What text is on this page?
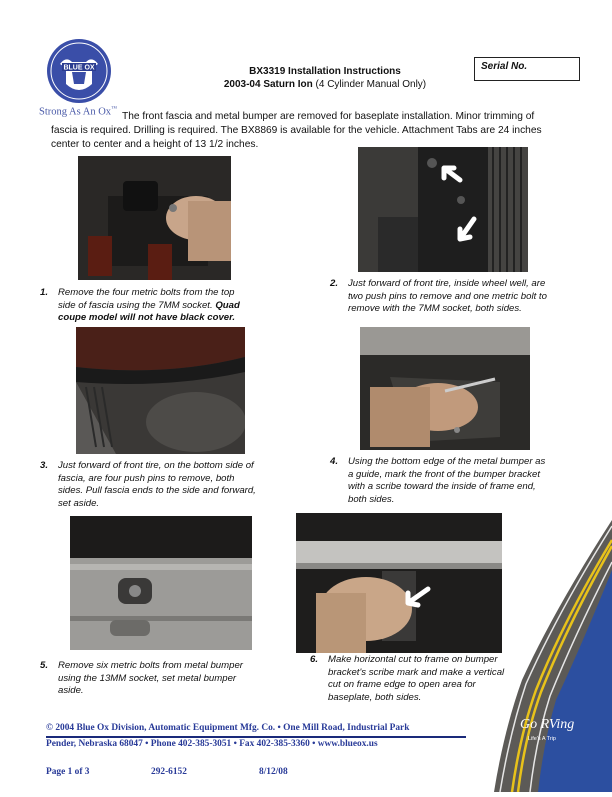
BLUE OX
Strong As An Ox™
BX3319 Installation Instructions
2003-04 Saturn Ion (4 Cylinder Manual Only)
Serial No.
The front fascia and metal bumper are removed for baseplate installation. Minor trimming of fascia is required. Drilling is required. The BX8869 is available for the vehicle. Attachment Tabs are 24 inches center to center and a height of 13 1/2 inches.
1. Remove the four metric bolts from the top side of fascia using the 7MM socket. Quad coupe model will not have black cover.
2. Just forward of front tire, inside wheel well, are two push pins to remove and one metric bolt to remove with the 7MM socket, both sides.
3. Just forward of front tire, on the bottom side of fascia, are four push pins to remove, both sides. Pull fascia ends to the side and forward, set aside.
4. Using the bottom edge of the metal bumper as a guide, mark the front of the bumper bracket with a scribe toward the inside of frame end, both sides.
5. Remove six metric bolts from metal bumper using the 13MM socket, set metal bumper aside.
6. Make horizontal cut to frame on bumper bracket's scribe mark and make a vertical cut on frame edge to open area for baseplate, both sides.
Go RVing
Life's A Trip
© 2004 Blue Ox Division, Automatic Equipment Mfg. Co. • One Mill Road, Industrial Park
Pender, Nebraska 68047 • Phone 402-385-3051 • Fax 402-385-3360 • www.blueox.us
Page 1 of 3	292-6152	8/12/08
